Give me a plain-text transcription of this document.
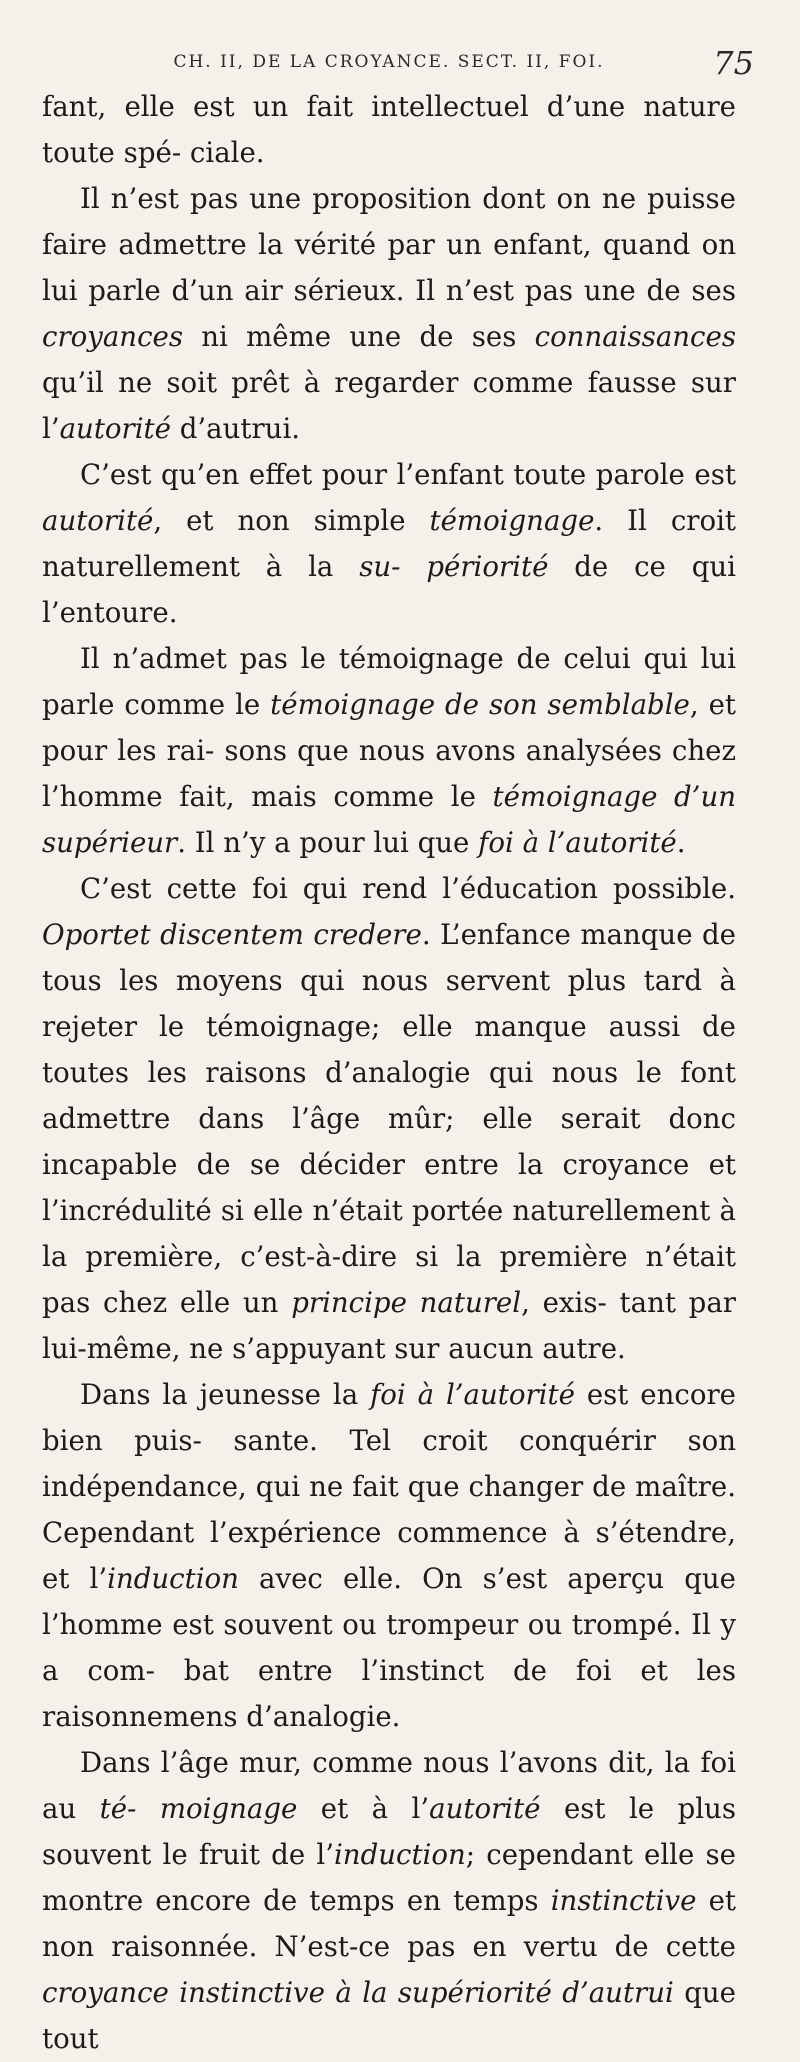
CH. II, DE LA CROYANCE. SECT. II, FOI.	75

fant, elle est un fait intellectuel d’une nature toute spé- ciale.

Il n’est pas une proposition dont on ne puisse faire admettre la vérité par un enfant, quand on lui parle d’un air sérieux. Il n’est pas une de ses croyances ni même une de ses connaissances qu’il ne soit prêt à regarder comme fausse sur l’autorité d’autrui.

C’est qu’en effet pour l’enfant toute parole est autorité, et non simple témoignage. Il croit naturellement à la su- périorité de ce qui l’entoure.

Il n’admet pas le témoignage de celui qui lui parle comme le témoignage de son semblable, et pour les rai- sons que nous avons analysées chez l’homme fait, mais comme le témoignage d’un supérieur. Il n’y a pour lui que foi à l’autorité.

C’est cette foi qui rend l’éducation possible. Oportet discentem credere. L’enfance manque de tous les moyens qui nous servent plus tard à rejeter le témoignage; elle manque aussi de toutes les raisons d’analogie qui nous le font admettre dans l’âge mûr; elle serait donc incapable de se décider entre la croyance et l’incrédulité si elle n’était portée naturellement à la première, c’est-à-dire si la première n’était pas chez elle un principe naturel, exis- tant par lui-même, ne s’appuyant sur aucun autre.

Dans la jeunesse la foi à l’autorité est encore bien puis- sante. Tel croit conquérir son indépendance, qui ne fait que changer de maître. Cependant l’expérience commence à s’étendre, et l’induction avec elle. On s’est aperçu que l’homme est souvent ou trompeur ou trompé. Il y a com- bat entre l’instinct de foi et les raisonnemens d’analogie.

Dans l’âge mur, comme nous l’avons dit, la foi au té- moignage et à l’autorité est le plus souvent le fruit de l’induction; cependant elle se montre encore de temps en temps instinctive et non raisonnée. N’est-ce pas en vertu de cette croyance instinctive à la supériorité d’autrui que tout
